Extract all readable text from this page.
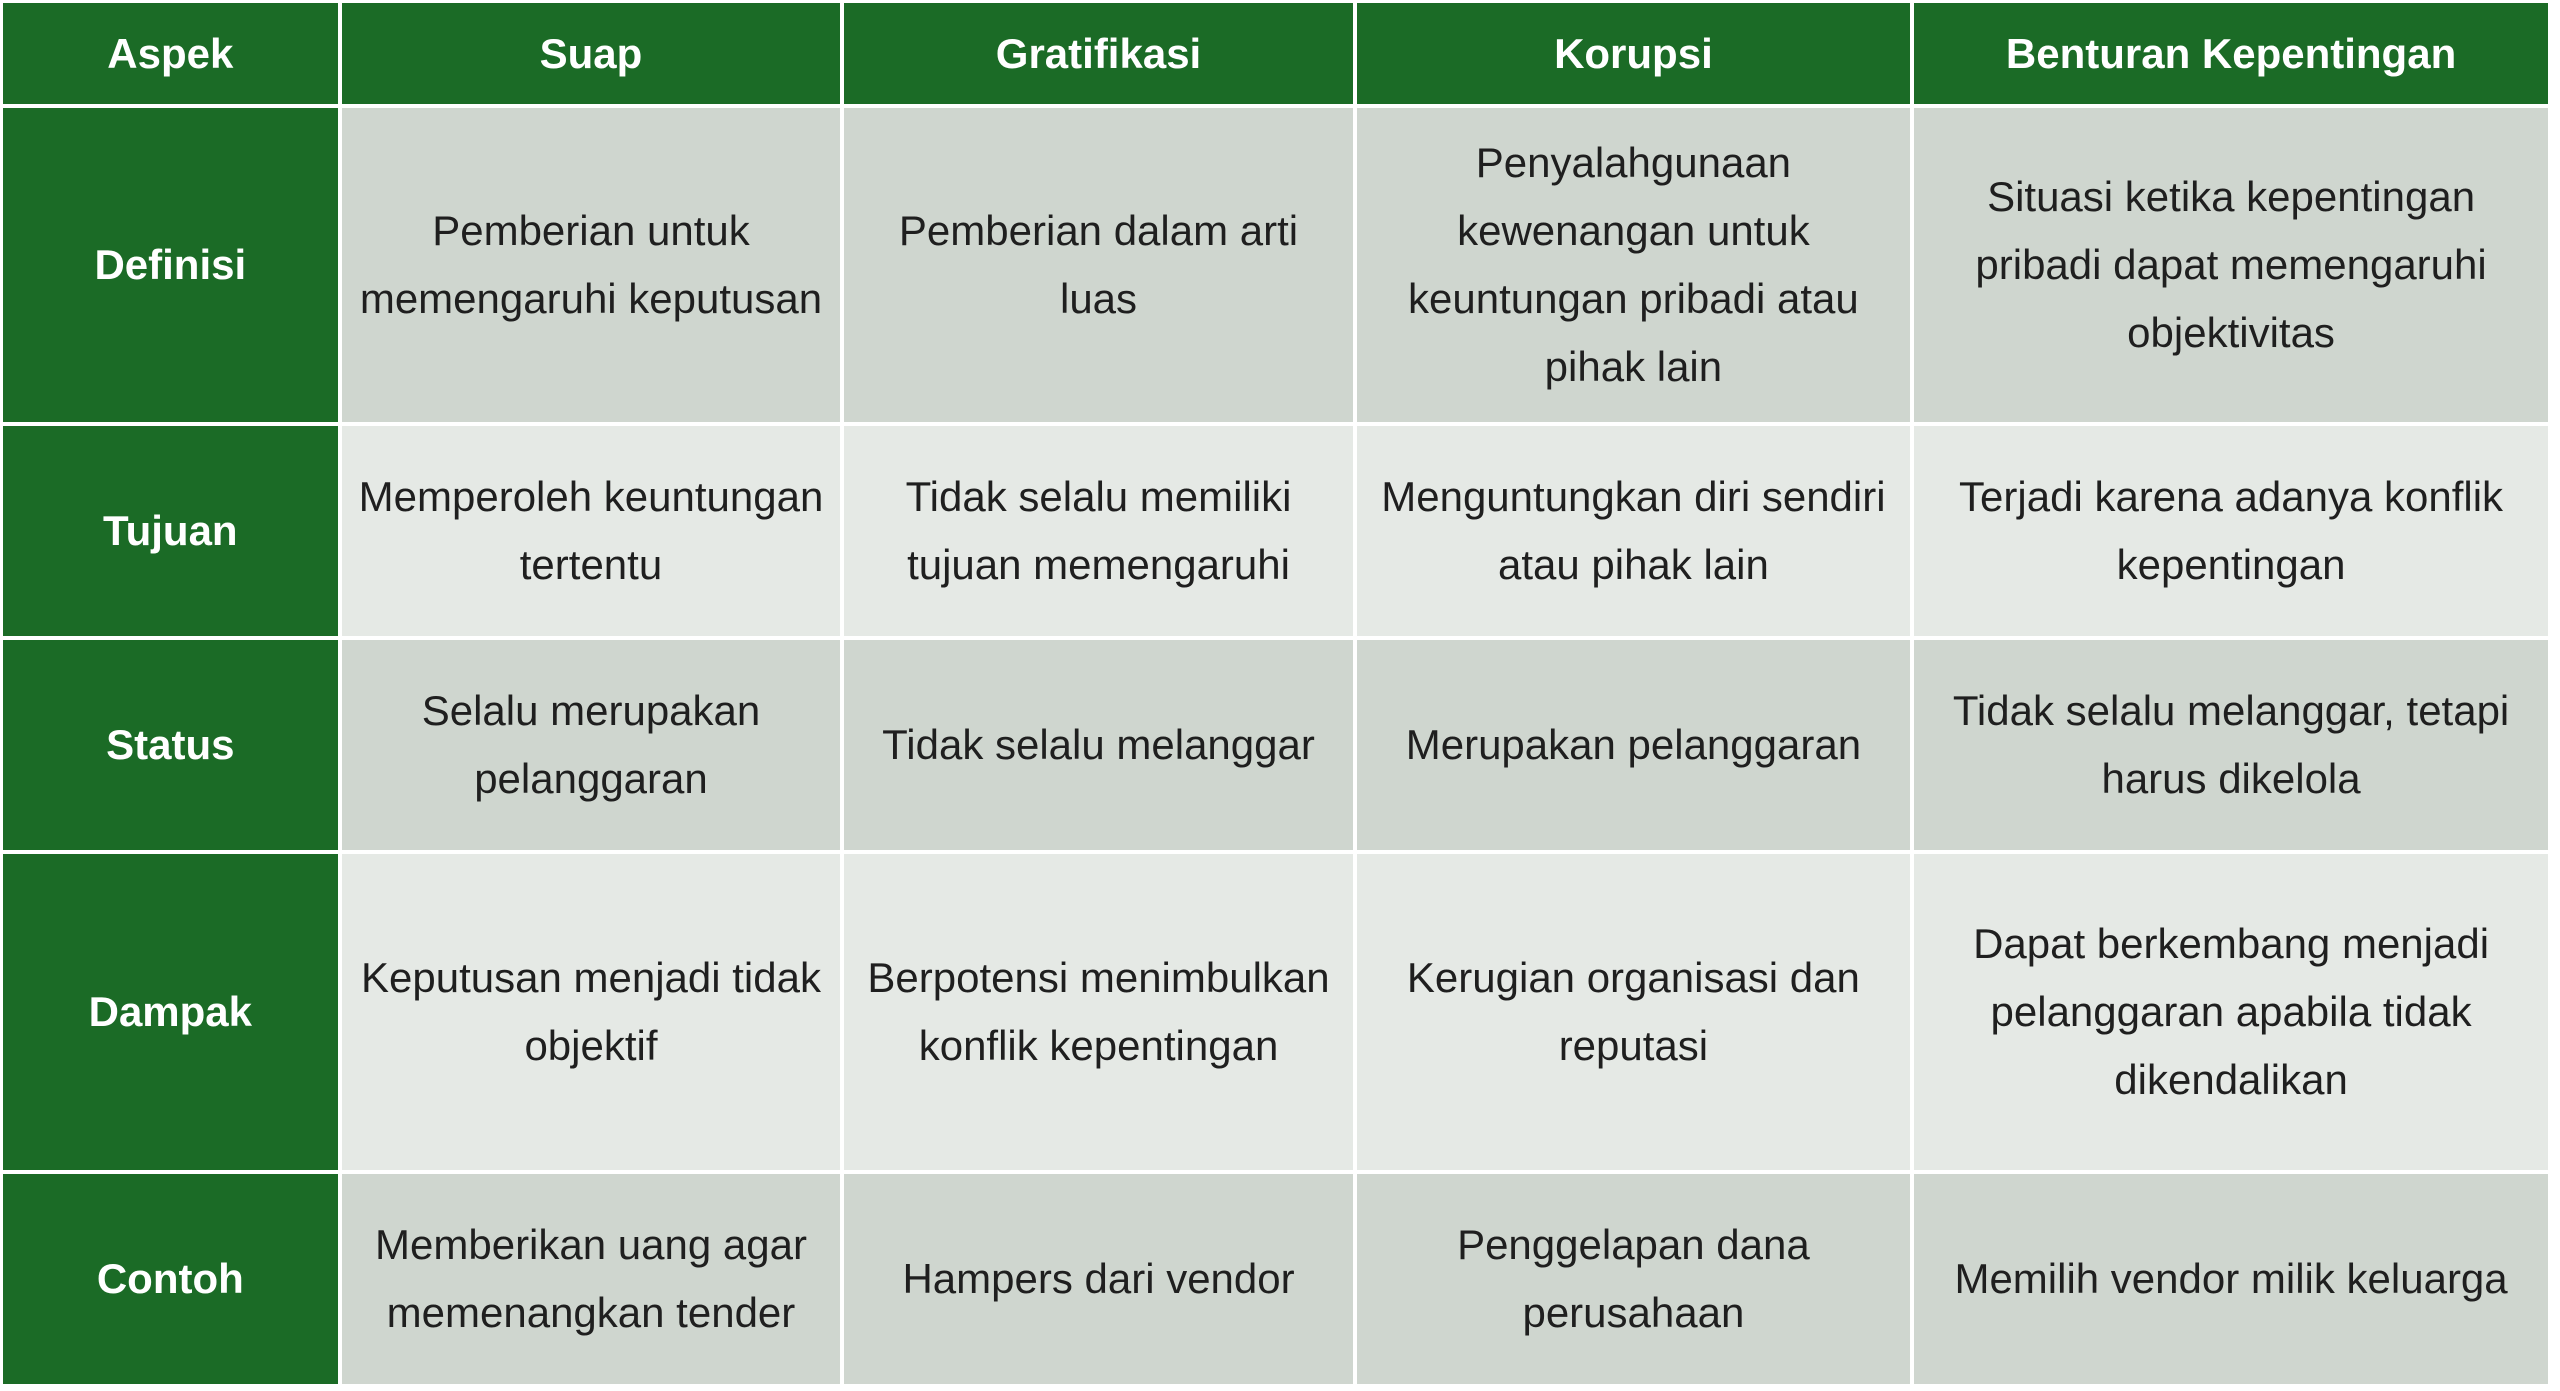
Aspek	Suap	Gratifikasi	Korupsi	Benturan Kepentingan
Definisi	Pemberian untuk memengaruhi keputusan	Pemberian dalam arti luas	Penyalahgunaan kewenangan untuk keuntungan pribadi atau pihak lain	Situasi ketika kepentingan pribadi dapat memengaruhi objektivitas
Tujuan	Memperoleh keuntungan tertentu	Tidak selalu memiliki tujuan memengaruhi	Menguntungkan diri sendiri atau pihak lain	Terjadi karena adanya konflik kepentingan
Status	Selalu merupakan pelanggaran	Tidak selalu melanggar	Merupakan pelanggaran	Tidak selalu melanggar, tetapi harus dikelola
Dampak	Keputusan menjadi tidak objektif	Berpotensi menimbulkan konflik kepentingan	Kerugian organisasi dan reputasi	Dapat berkembang menjadi pelanggaran apabila tidak dikendalikan
Contoh	Memberikan uang agar memenangkan tender	Hampers dari vendor	Penggelapan dana perusahaan	Memilih vendor milik keluarga
